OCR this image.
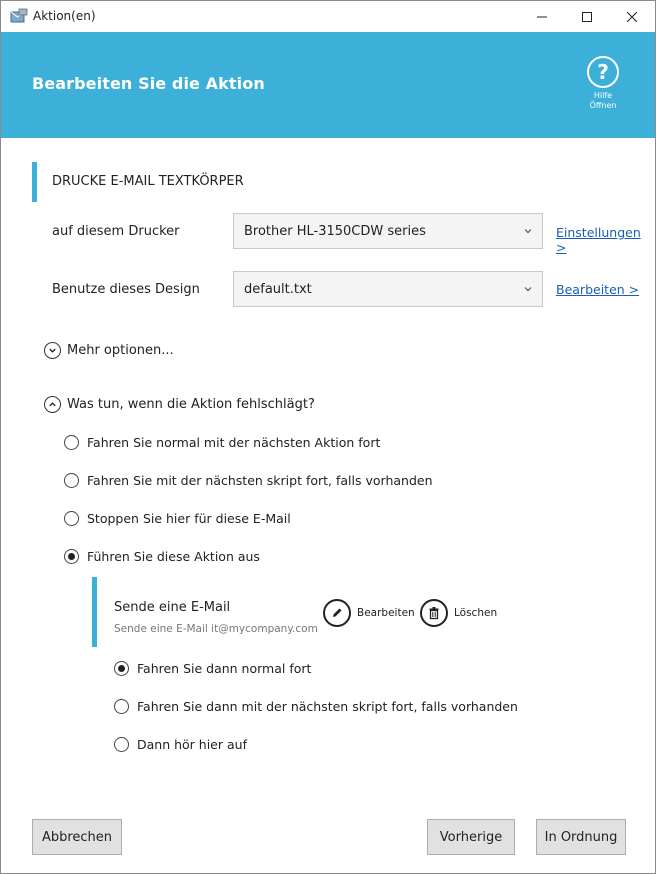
Aktion(en)
Bearbeiten Sie die Aktion	?
Hilfe
Öffnen
DRUCKE E-MAIL TEXTKÖRPER
auf diesem Drucker	Brother HL-3150CDW series	Einstellungen >
Benutze dieses Design	default.txt	Bearbeiten >
Mehr optionen...
Was tun, wenn die Aktion fehlschlägt?
Fahren Sie normal mit der nächsten Aktion fort
Fahren Sie mit der nächsten skript fort, falls vorhanden
Stoppen Sie hier für diese E-Mail
Führen Sie diese Aktion aus
Sende eine E-Mail
Sende eine E-Mail it@mycompany.com
Bearbeiten	Löschen
Fahren Sie dann normal fort
Fahren Sie dann mit der nächsten skript fort, falls vorhanden
Dann hör hier auf
Abbrechen	Vorherige	In Ordnung
